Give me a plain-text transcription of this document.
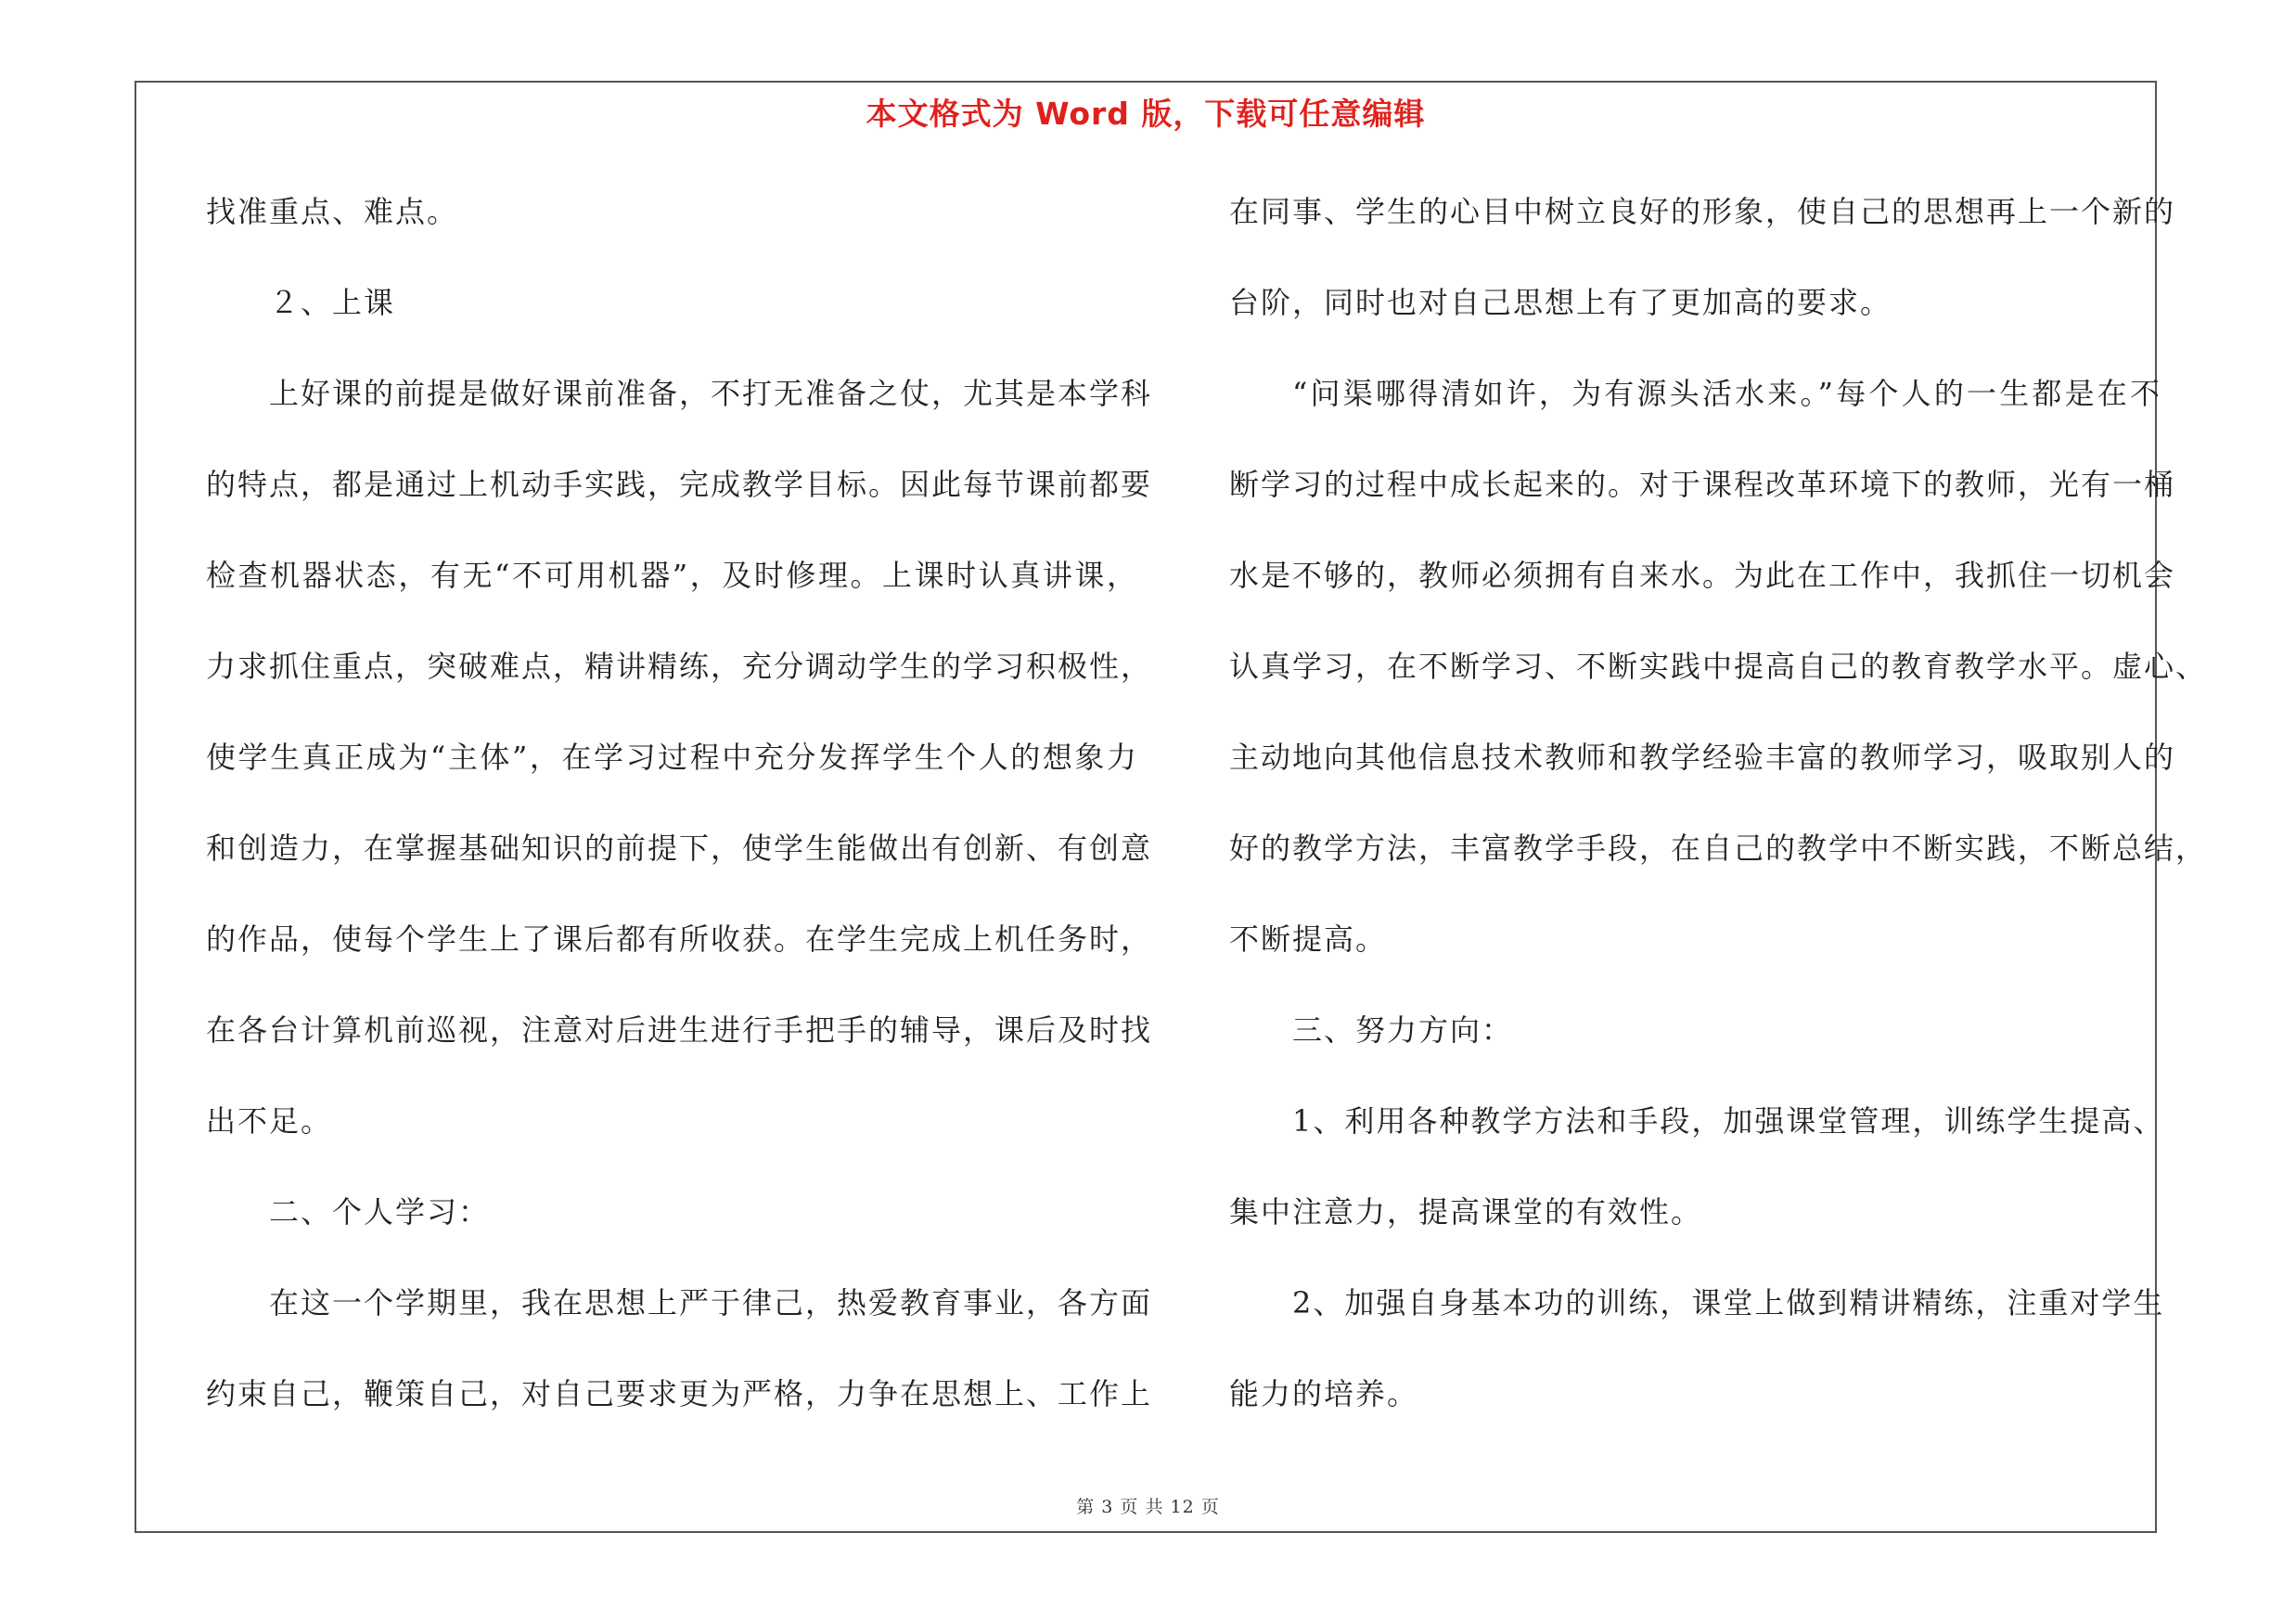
本文格式为 Word 版，下载可任意编辑
找准重点、难点。
２、上课
上好课的前提是做好课前准备，不打无准备之仗，尤其是本学科
的特点，都是通过上机动手实践，完成教学目标。因此每节课前都要
检查机器状态，有无“不可用机器”，及时修理。上课时认真讲课，
力求抓住重点，突破难点，精讲精练，充分调动学生的学习积极性，
使学生真正成为“主体”，在学习过程中充分发挥学生个人的想象力
和创造力，在掌握基础知识的前提下，使学生能做出有创新、有创意
的作品，使每个学生上了课后都有所收获。在学生完成上机任务时，
在各台计算机前巡视，注意对后进生进行手把手的辅导，课后及时找
出不足。
二、个人学习：
在这一个学期里，我在思想上严于律己，热爱教育事业，各方面
约束自己，鞭策自己，对自己要求更为严格，力争在思想上、工作上
在同事、学生的心目中树立良好的形象，使自己的思想再上一个新的
台阶，同时也对自己思想上有了更加高的要求。
“问渠哪得清如许，为有源头活水来。”每个人的一生都是在不
断学习的过程中成长起来的。对于课程改革环境下的教师，光有一桶
水是不够的，教师必须拥有自来水。为此在工作中，我抓住一切机会
认真学习，在不断学习、不断实践中提高自己的教育教学水平。虚心、
主动地向其他信息技术教师和教学经验丰富的教师学习，吸取别人的
好的教学方法，丰富教学手段，在自己的教学中不断实践，不断总结，
不断提高。
三、努力方向：
1、利用各种教学方法和手段，加强课堂管理，训练学生提高、
集中注意力，提高课堂的有效性。
2、加强自身基本功的训练，课堂上做到精讲精练，注重对学生
能力的培养。
第 3 页 共 12 页
